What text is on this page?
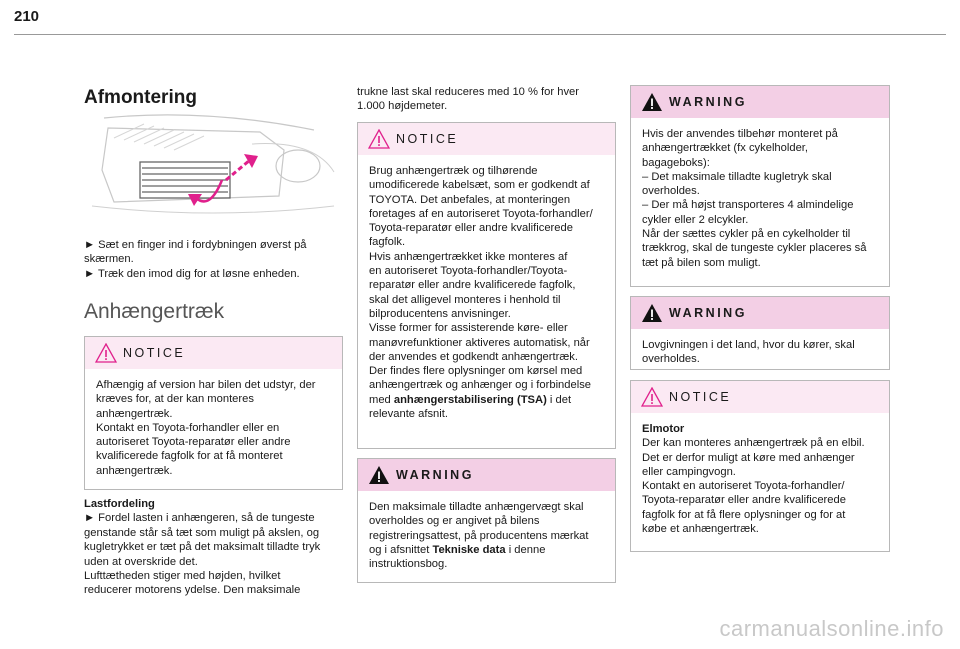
210
Afmontering
► Sæt en finger ind i fordybningen øverst på skærmen.
► Træk den imod dig for at løsne enheden.
Anhængertræk
NOTICE
Afhængig af version har bilen det udstyr, der
kræves for, at der kan monteres
anhængertræk.
Kontakt en Toyota-forhandler eller en
autoriseret Toyota-reparatør eller andre
kvalificerede fagfolk for at få monteret
anhængertræk.
Lastfordeling
► Fordel lasten i anhængeren, så de tungeste
genstande står så tæt som muligt på akslen, og
kugletrykket er tæt på det maksimalt tilladte tryk
uden at overskride det.
Lufttætheden stiger med højden, hvilket
reducerer motorens ydelse. Den maksimale
trukne last skal reduceres med 10 % for hver
1.000 højdemeter.
NOTICE
Brug anhængertræk og tilhørende
umodificerede kabelsæt, som er godkendt af
TOYOTA. Det anbefales, at monteringen
foretages af en autoriseret Toyota-forhandler/
Toyota-reparatør eller andre kvalificerede
fagfolk.
Hvis anhængertrækket ikke monteres af
en autoriseret Toyota-forhandler/Toyota-
reparatør eller andre kvalificerede fagfolk,
skal det alligevel monteres i henhold til
bilproducentens anvisninger.
Visse former for assisterende køre- eller
manøvrefunktioner aktiveres automatisk, når
der anvendes et godkendt anhængertræk.
Der findes flere oplysninger om kørsel med
anhængertræk og anhænger og i forbindelse
med anhængerstabilisering (TSA) i det
relevante afsnit.
WARNING
Den maksimale tilladte anhængervægt skal
overholdes og er angivet på bilens
registreringsattest, på producentens mærkat
og i afsnittet Tekniske data i denne
instruktionsbog.
WARNING
Hvis der anvendes tilbehør monteret på
anhængertrækket (fx cykelholder,
bagageboks):
– Det maksimale tilladte kugletryk skal
overholdes.
– Der må højst transporteres 4 almindelige
cykler eller 2 elcykler.
Når der sættes cykler på en cykelholder til
trækkrog, skal de tungeste cykler placeres så
tæt på bilen som muligt.
WARNING
Lovgivningen i det land, hvor du kører, skal
overholdes.
NOTICE
Elmotor
Der kan monteres anhængertræk på en elbil.
Det er derfor muligt at køre med anhænger
eller campingvogn.
Kontakt en autoriseret Toyota-forhandler/
Toyota-reparatør eller andre kvalificerede
fagfolk for at få flere oplysninger og for at
købe et anhængertræk.
carmanualsonline.info
